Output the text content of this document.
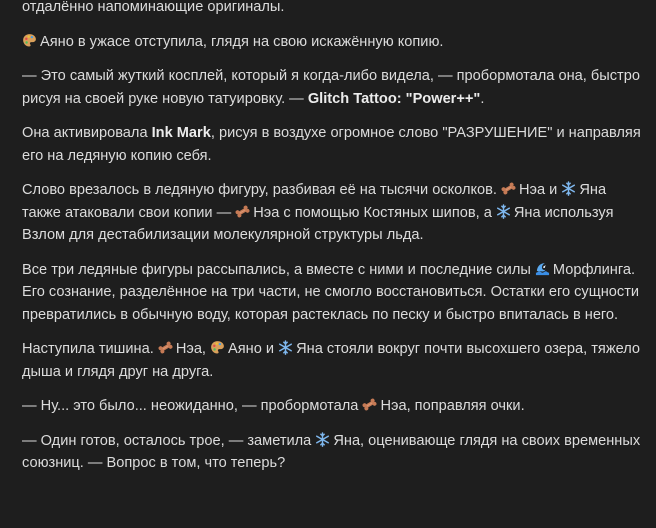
отдалённо напоминающие оригиналы.

Аяно в ужасе отступила, глядя на свою искажённую копию.

— Это самый жуткий косплей, который я когда-либо видела, — пробормотала она, быстро рисуя на своей руке новую татуировку. — Glitch Tattoo: "Power++".

Она активировала Ink Mark, рисуя в воздухе огромное слово "РАЗРУШЕНИЕ" и направляя его на ледяную копию себя.

Слово врезалось в ледяную фигуру, разбивая её на тысячи осколков.
Нэа и
Яна также атаковали свои копии —
Нэа с помощью Костяных шипов, а
Яна используя Взлом для дестабилизации молекулярной структуры льда.

Все три ледяные фигуры рассыпались, а вместе с ними и последние силы
Морфлинга. Его сознание, разделённое на три части, не смогло восстановиться. Остатки его сущности превратились в обычную воду, которая растеклась по песку и быстро впиталась в него.

Наступила тишина.
Нэа,
Аяно и
Яна стояли вокруг почти высохшего озера, тяжело дыша и глядя друг на друга.

— Ну... это было... неожиданно, — пробормотала
Нэа, поправляя очки.

— Один готов, осталось трое, — заметила
Яна, оценивающе глядя на своих временных союзниц. — Вопрос в том, что теперь?
